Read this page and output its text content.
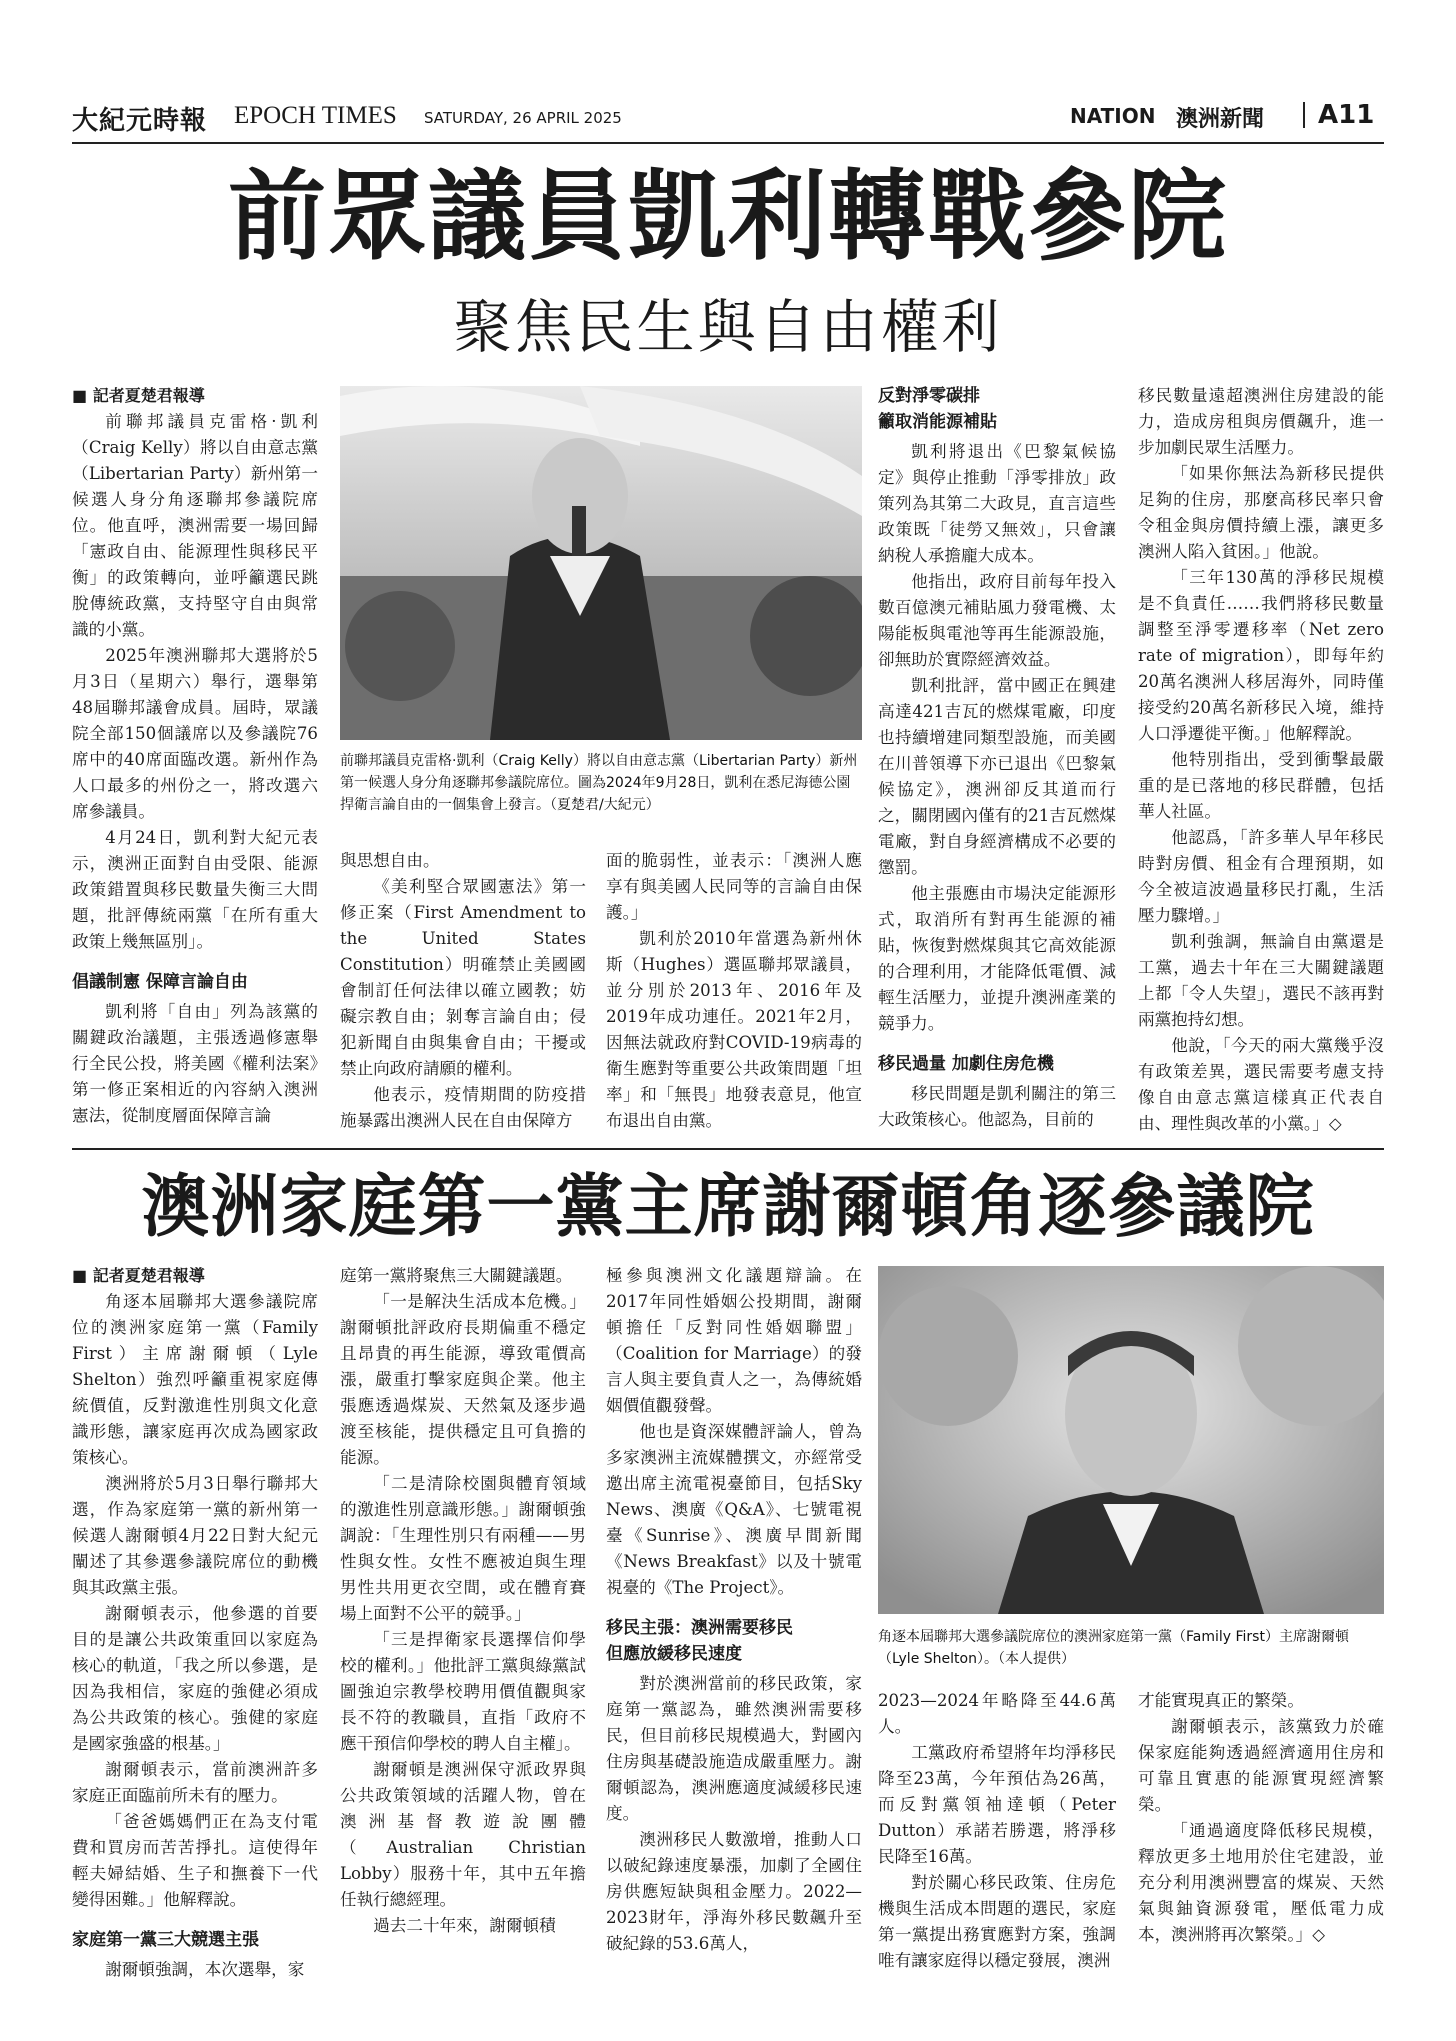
大紀元時報 EPOCH TIMES SATURDAY, 26 APRIL 2025	NATION 澳洲新聞 A11
前眾議員凱利轉戰參院
聚焦民生與自由權利

■ 記者夏楚君報導

前聯邦議員克雷格·凱利（Craig Kelly）將以自由意志黨（Libertarian Party）新州第一候選人身分角逐聯邦參議院席位。他直呼，澳洲需要一場回歸「憲政自由、能源理性與移民平衡」的政策轉向，並呼籲選民跳脫傳統政黨，支持堅守自由與常識的小黨。

2025年澳洲聯邦大選將於5月3日（星期六）舉行，選舉第48屆聯邦議會成員。屆時，眾議院全部150個議席以及參議院76席中的40席面臨改選。新州作為人口最多的州份之一，將改選六席參議員。

4月24日，凱利對大紀元表示，澳洲正面對自由受限、能源政策錯置與移民數量失衡三大問題，批評傳統兩黨「在所有重大政策上幾無區別」。

倡議制憲 保障言論自由

凱利將「自由」列為該黨的關鍵政治議題，主張透過修憲舉行全民公投，將美國《權利法案》第一修正案相近的內容納入澳洲憲法，從制度層面保障言論

前聯邦議員克雷格·凱利（Craig Kelly）將以自由意志黨（Libertarian Party）新州第一候選人身分角逐聯邦參議院席位。圖為2024年9月28日，凱利在悉尼海德公園捍衛言論自由的一個集會上發言。（夏楚君/大紀元）

與思想自由。

《美利堅合眾國憲法》第一修正案（First Amendment to the United States Constitution）明確禁止美國國會制訂任何法律以確立國教；妨礙宗教自由；剝奪言論自由；侵犯新聞自由與集會自由；干擾或禁止向政府請願的權利。

他表示，疫情期間的防疫措施暴露出澳洲人民在自由保障方

面的脆弱性，並表示：「澳洲人應享有與美國人民同等的言論自由保護。」

凱利於2010年當選為新州休斯（Hughes）選區聯邦眾議員，並分別於2013年、2016年及2019年成功連任。2021年2月，因無法就政府對COVID-19病毒的衛生應對等重要公共政策問題「坦率」和「無畏」地發表意見，他宣布退出自由黨。

反對淨零碳排
籲取消能源補貼

凱利將退出《巴黎氣候協定》與停止推動「淨零排放」政策列為其第二大政見，直言這些政策既「徒勞又無效」，只會讓納稅人承擔龐大成本。

他指出，政府目前每年投入數百億澳元補貼風力發電機、太陽能板與電池等再生能源設施，卻無助於實際經濟效益。

凱利批評，當中國正在興建高達421吉瓦的燃煤電廠，印度也持續增建同類型設施，而美國在川普領導下亦已退出《巴黎氣候協定》，澳洲卻反其道而行之，關閉國內僅有的21吉瓦燃煤電廠，對自身經濟構成不必要的懲罰。

他主張應由市場決定能源形式，取消所有對再生能源的補貼，恢復對燃煤與其它高效能源的合理利用，才能降低電價、減輕生活壓力，並提升澳洲產業的競爭力。

移民過量 加劇住房危機

移民問題是凱利關注的第三大政策核心。他認為，目前的

移民數量遠超澳洲住房建設的能力，造成房租與房價飆升，進一步加劇民眾生活壓力。

「如果你無法為新移民提供足夠的住房，那麼高移民率只會令租金與房價持續上漲，讓更多澳洲人陷入貧困。」他說。

「三年130萬的淨移民規模是不負責任……我們將移民數量調整至淨零遷移率（Net zero rate of migration），即每年約20萬名澳洲人移居海外，同時僅接受約20萬名新移民入境，維持人口淨遷徙平衡。」他解釋說。

他特別指出，受到衝擊最嚴重的是已落地的移民群體，包括華人社區。

他認爲，「許多華人早年移民時對房價、租金有合理預期，如今全被這波過量移民打亂，生活壓力驟增。」

凱利強調，無論自由黨還是工黨，過去十年在三大關鍵議題上都「令人失望」，選民不該再對兩黨抱持幻想。

他說，「今天的兩大黨幾乎沒有政策差異，選民需要考慮支持像自由意志黨這樣真正代表自由、理性與改革的小黨。」◇

澳洲家庭第一黨主席謝爾頓角逐參議院

■ 記者夏楚君報導

角逐本屆聯邦大選參議院席位的澳洲家庭第一黨（Family First）主席謝爾頓（Lyle Shelton）強烈呼籲重視家庭傳統價值，反對激進性別與文化意識形態，讓家庭再次成為國家政策核心。

澳洲將於5月3日舉行聯邦大選，作為家庭第一黨的新州第一候選人謝爾頓4月22日對大紀元闡述了其參選參議院席位的動機與其政黨主張。

謝爾頓表示，他參選的首要目的是讓公共政策重回以家庭為核心的軌道，「我之所以參選，是因為我相信，家庭的強健必須成為公共政策的核心。強健的家庭是國家強盛的根基。」

謝爾頓表示，當前澳洲許多家庭正面臨前所未有的壓力。

「爸爸媽媽們正在為支付電費和買房而苦苦掙扎。這使得年輕夫婦結婚、生子和撫養下一代變得困難。」他解釋說。

家庭第一黨三大競選主張

謝爾頓強調，本次選舉，家

庭第一黨將聚焦三大關鍵議題。

「一是解決生活成本危機。」謝爾頓批評政府長期偏重不穩定且昂貴的再生能源，導致電價高漲，嚴重打擊家庭與企業。他主張應透過煤炭、天然氣及逐步過渡至核能，提供穩定且可負擔的能源。

「二是清除校園與體育領域的激進性別意識形態。」謝爾頓強調說：「生理性別只有兩種——男性與女性。女性不應被迫與生理男性共用更衣空間，或在體育賽場上面對不公平的競爭。」

「三是捍衛家長選擇信仰學校的權利。」他批評工黨與綠黨試圖強迫宗教學校聘用價值觀與家長不符的教職員，直指「政府不應干預信仰學校的聘人自主權」。

謝爾頓是澳洲保守派政界與公共政策領域的活躍人物，曾在澳洲基督教遊說團體（Australian Christian Lobby）服務十年，其中五年擔任執行總經理。

過去二十年來，謝爾頓積

極參與澳洲文化議題辯論。在2017年同性婚姻公投期間，謝爾頓擔任「反對同性婚姻聯盟」（Coalition for Marriage）的發言人與主要負責人之一，為傳統婚姻價值觀發聲。

他也是資深媒體評論人，曾為多家澳洲主流媒體撰文，亦經常受邀出席主流電視臺節目，包括Sky News、澳廣《Q&A》、七號電視臺《Sunrise》、澳廣早間新聞《News Breakfast》以及十號電視臺的《The Project》。

移民主張：澳洲需要移民
但應放緩移民速度

對於澳洲當前的移民政策，家庭第一黨認為，雖然澳洲需要移民，但目前移民規模過大，對國內住房與基礎設施造成嚴重壓力。謝爾頓認為，澳洲應適度減緩移民速度。

澳洲移民人數激增，推動人口以破紀錄速度暴漲，加劇了全國住房供應短缺與租金壓力。2022—2023財年，淨海外移民數飆升至破紀錄的53.6萬人，

角逐本屆聯邦大選參議院席位的澳洲家庭第一黨（Family First）主席謝爾頓（Lyle Shelton）。（本人提供）

2023—2024年略降至44.6萬人。

工黨政府希望將年均淨移民降至23萬，今年預估為26萬，而反對黨領袖達頓（Peter Dutton）承諾若勝選，將淨移民降至16萬。

對於關心移民政策、住房危機與生活成本問題的選民，家庭第一黨提出務實應對方案，強調唯有讓家庭得以穩定發展，澳洲

才能實現真正的繁榮。

謝爾頓表示，該黨致力於確保家庭能夠透過經濟適用住房和可靠且實惠的能源實現經濟繁榮。

「通過適度降低移民規模，釋放更多土地用於住宅建設，並充分利用澳洲豐富的煤炭、天然氣與鈾資源發電，壓低電力成本，澳洲將再次繁榮。」◇
